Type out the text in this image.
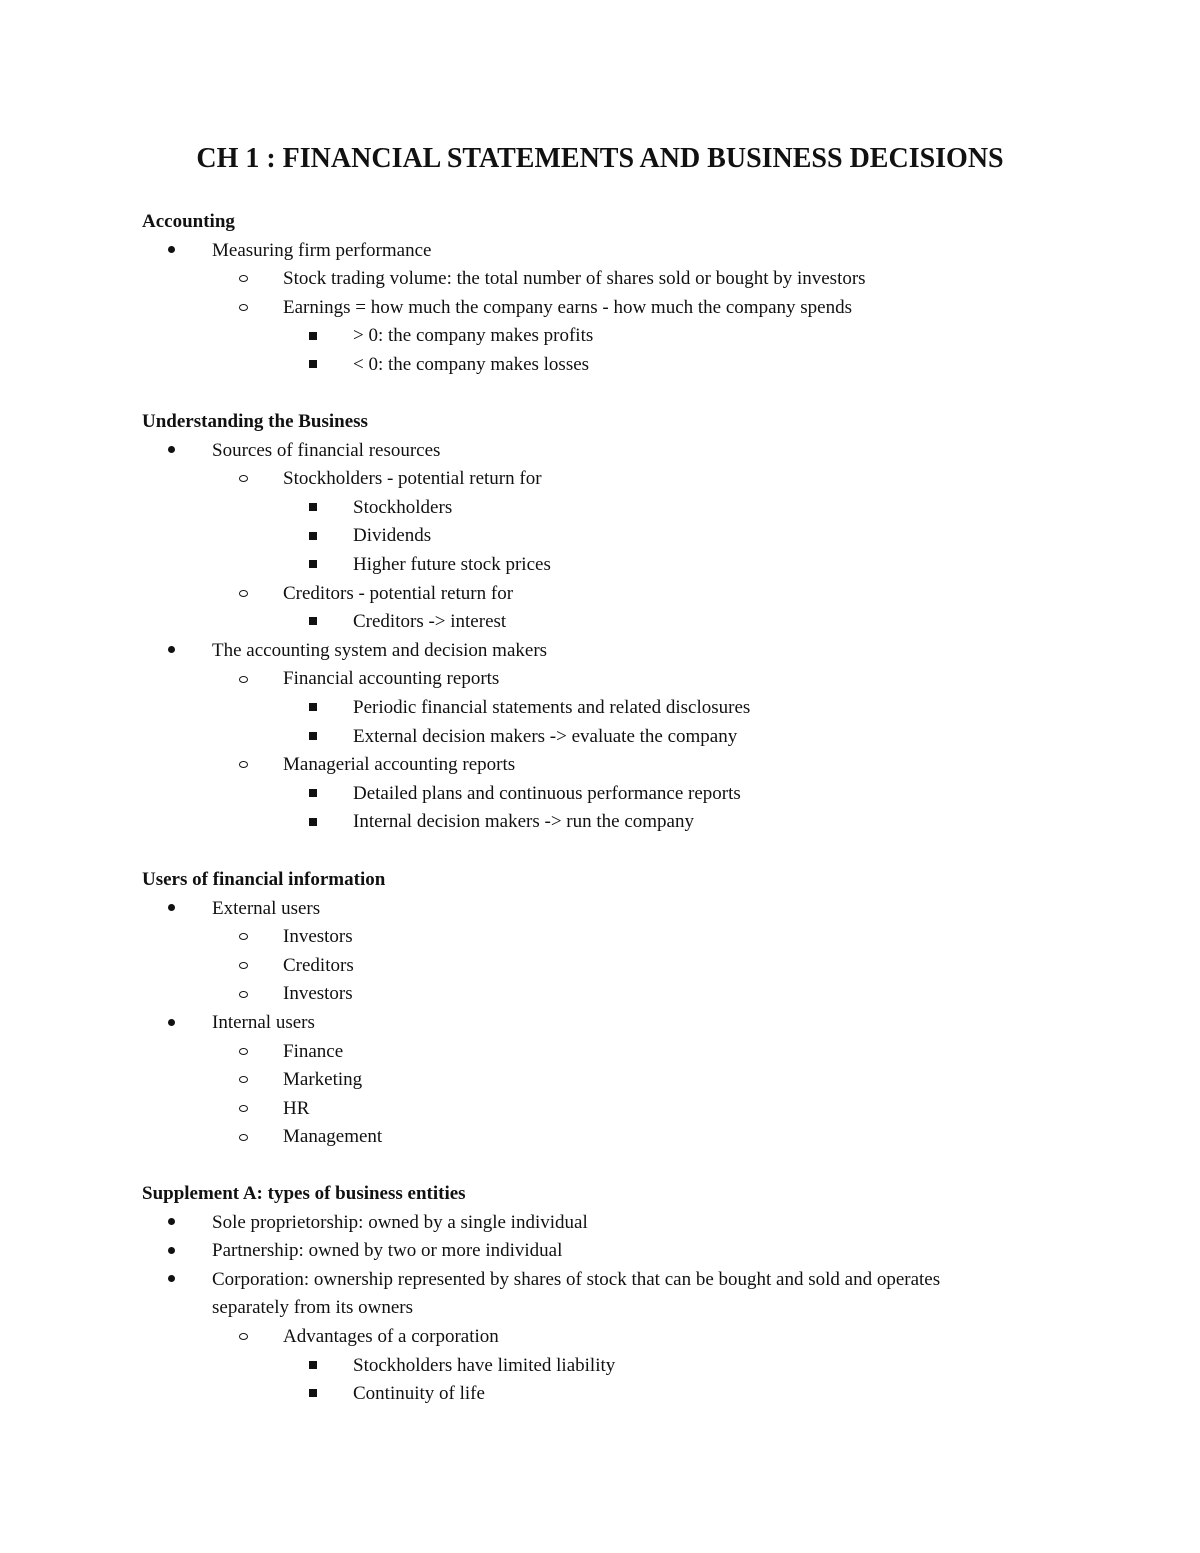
CH 1 : FINANCIAL STATEMENTS AND BUSINESS DECISIONS
Accounting
Measuring firm performance
Stock trading volume: the total number of shares sold or bought by investors
Earnings = how much the company earns - how much the company spends
> 0: the company makes profits
< 0: the company makes losses
Understanding the Business
Sources of financial resources
Stockholders - potential return for
Stockholders
Dividends
Higher future stock prices
Creditors - potential return for
Creditors -> interest
The accounting system and decision makers
Financial accounting reports
Periodic financial statements and related disclosures
External decision makers -> evaluate the company
Managerial accounting reports
Detailed plans and continuous performance reports
Internal decision makers -> run the company
Users of financial information
External users
Investors
Creditors
Investors
Internal users
Finance
Marketing
HR
Management
Supplement A: types of business entities
Sole proprietorship: owned by a single individual
Partnership: owned by two or more individual
Corporation: ownership represented by shares of stock that can be bought and sold and operates
separately from its owners
Advantages of a corporation
Stockholders have limited liability
Continuity of life
